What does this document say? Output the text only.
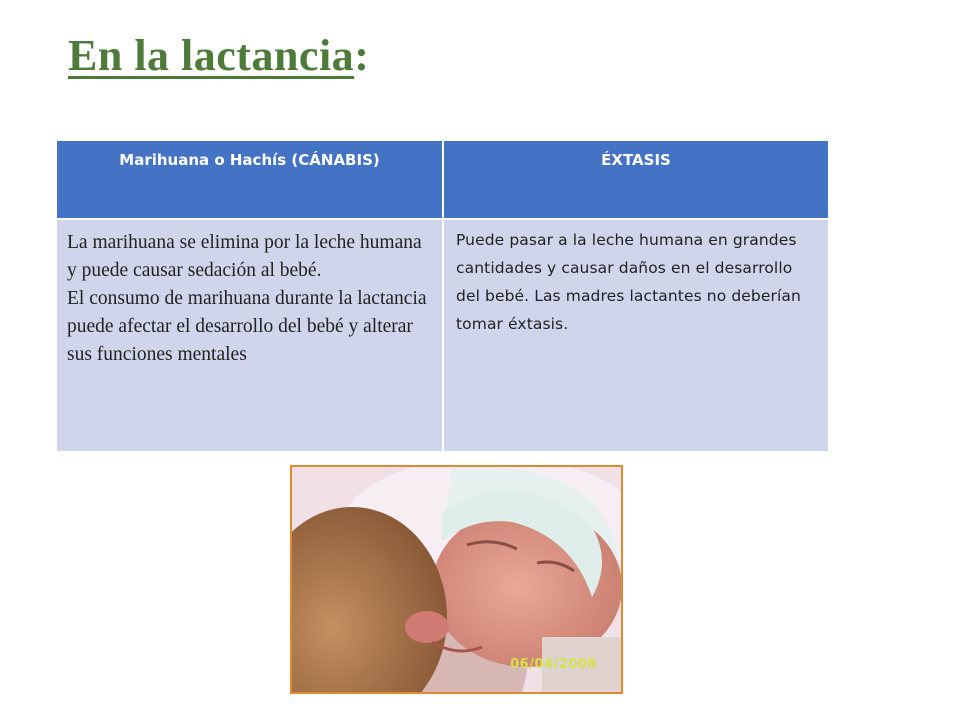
En la lactancia:
Marihuana o Hachís (CÁNABIS)	ÉXTASIS

La marihuana se elimina por la leche humana y puede causar sedación al bebé.
El consumo de marihuana durante la lactancia puede afectar el desarrollo del bebé y alterar sus funciones mentales	Puede pasar a la leche humana en grandes cantidades y causar daños en el desarrollo del bebé. Las madres lactantes no deberían tomar éxtasis.
06/04/2008
